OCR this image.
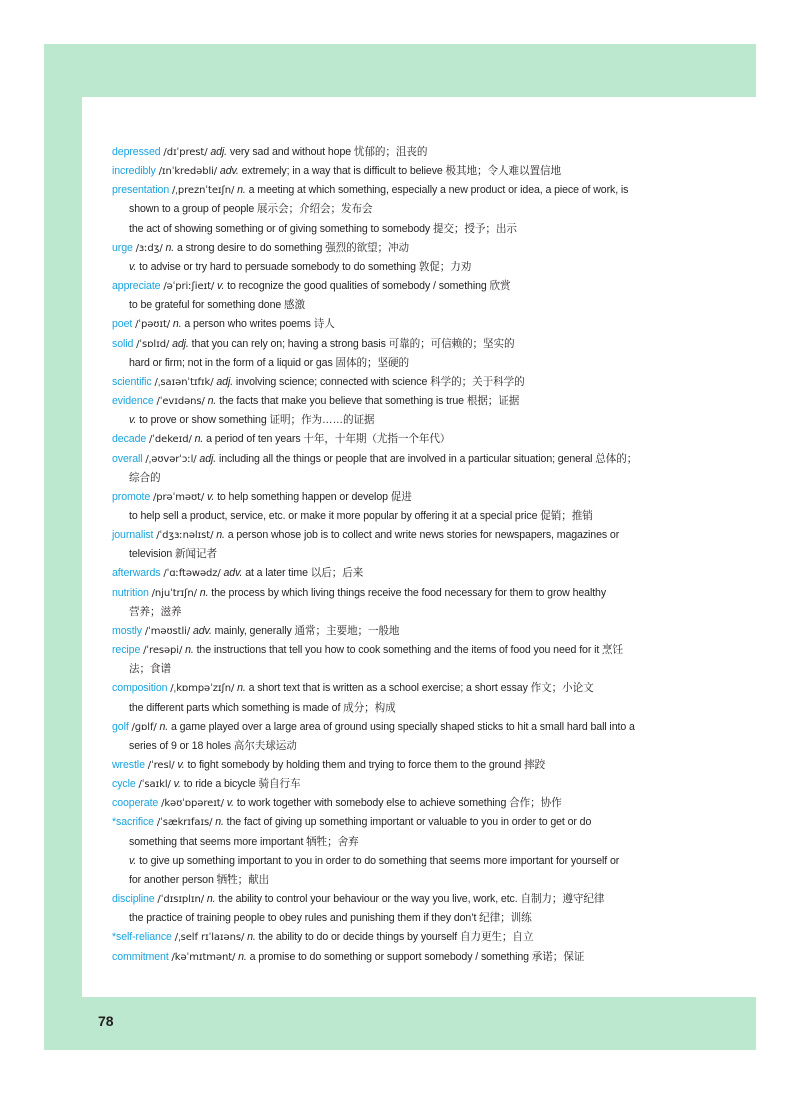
depressed /dɪˈprest/ adj. very sad and without hope 忧郁的；沮丧的
incredibly /ɪnˈkredəbli/ adv. extremely; in a way that is difficult to believe 极其地；令人难以置信地
presentation /ˌpreznˈteɪʃn/ n. a meeting at which something, especially a new product or idea, a piece of work, is
shown to a group of people 展示会；介绍会；发布会
the act of showing something or of giving something to somebody 提交；授予；出示
urge /ɜːdʒ/ n. a strong desire to do something 强烈的欲望；冲动
v. to advise or try hard to persuade somebody to do something 敦促；力劝
appreciate /əˈpriːʃieɪt/ v. to recognize the good qualities of somebody / something 欣赏
to be grateful for something done 感激
poet /ˈpəʊɪt/ n. a person who writes poems 诗人
solid /ˈsɒlɪd/ adj. that you can rely on; having a strong basis 可靠的；可信赖的；坚实的
hard or firm; not in the form of a liquid or gas 固体的；坚硬的
scientific /ˌsaɪənˈtɪfɪk/ adj. involving science; connected with science 科学的；关于科学的
evidence /ˈevɪdəns/ n. the facts that make you believe that something is true 根据；证据
v. to prove or show something 证明；作为……的证据
decade /ˈdekeɪd/ n. a period of ten years 十年，十年期（尤指一个年代）
overall /ˌəʊvərˈɔːl/ adj. including all the things or people that are involved in a particular situation; general 总体的；
综合的
promote /prəˈməʊt/ v. to help something happen or develop 促进
to help sell a product, service, etc. or make it more popular by offering it at a special price 促销；推销
journalist /ˈdʒɜːnəlɪst/ n. a person whose job is to collect and write news stories for newspapers, magazines or
television 新闻记者
afterwards /ˈɑːftəwədz/ adv. at a later time 以后；后来
nutrition /njuˈtrɪʃn/ n. the process by which living things receive the food necessary for them to grow healthy
营养；滋养
mostly /ˈməʊstli/ adv. mainly, generally 通常；主要地；一般地
recipe /ˈresəpi/ n. the instructions that tell you how to cook something and the items of food you need for it 烹饪
法；食谱
composition /ˌkɒmpəˈzɪʃn/ n. a short text that is written as a school exercise; a short essay 作文；小论文
the different parts which something is made of 成分；构成
golf /ɡɒlf/ n. a game played over a large area of ground using specially shaped sticks to hit a small hard ball into a
series of 9 or 18 holes 高尔夫球运动
wrestle /ˈresl/ v. to fight somebody by holding them and trying to force them to the ground 摔跤
cycle /ˈsaɪkl/ v. to ride a bicycle 骑自行车
cooperate /kəʊˈɒpəreɪt/ v. to work together with somebody else to achieve something 合作；协作
*sacrifice /ˈsækrɪfaɪs/ n. the fact of giving up something important or valuable to you in order to get or do
something that seems more important 牺牲；舍弃
v. to give up something important to you in order to do something that seems more important for yourself or
for another person 牺牲；献出
discipline /ˈdɪsɪplɪn/ n. the ability to control your behaviour or the way you live, work, etc. 自制力；遵守纪律
the practice of training people to obey rules and punishing them if they don’t 纪律；训练
*self-reliance /ˌself rɪˈlaɪəns/ n. the ability to do or decide things by yourself 自力更生；自立
commitment /kəˈmɪtmənt/ n. a promise to do something or support somebody / something 承诺；保证
78
